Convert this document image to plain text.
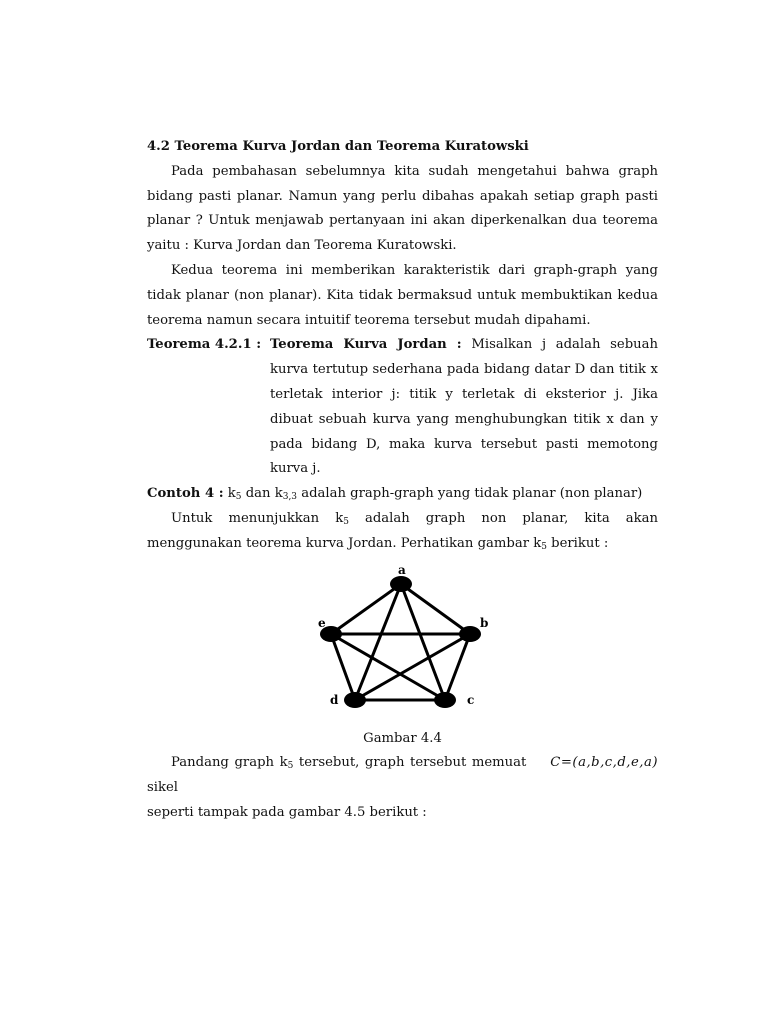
4.2 Teorema Kurva Jordan dan Teorema Kuratowski

Pada pembahasan sebelumnya kita sudah mengetahui bahwa graph bidang pasti planar. Namun yang perlu dibahas apakah setiap graph pasti planar ? Untuk menjawab pertanyaan ini akan diperkenalkan dua teorema yaitu : Kurva Jordan dan Teorema Kuratowski.

Kedua teorema ini memberikan karakteristik dari graph-graph yang tidak planar (non planar). Kita tidak bermaksud untuk membuktikan kedua teorema namun secara intuitif teorema tersebut mudah dipahami.

Teorema 4.2.1 : Teorema Kurva Jordan : Misalkan j adalah sebuah kurva tertutup sederhana pada bidang datar D dan titik x terletak interior j: titik y terletak di eksterior j. Jika dibuat sebuah kurva yang menghubungkan titik x dan y pada bidang D, maka kurva tersebut pasti memotong kurva j.
Contoh 4 : $k_5$ dan $k_{3,3}$ adalah graph-graph yang tidak planar (non planar)

Untuk menunjukkan $k_5$ adalah graph non planar, kita akan menggunakan teorema kurva Jordan. Perhatikan gambar $k_5$ berikut :

a
b
c
d
e
Gambar 4.4

C=(a,b,c,d,e,a)
Pandang graph $k_5$ tersebut, graph tersebut memuat sikel

seperti tampak pada gambar 4.5 berikut :
